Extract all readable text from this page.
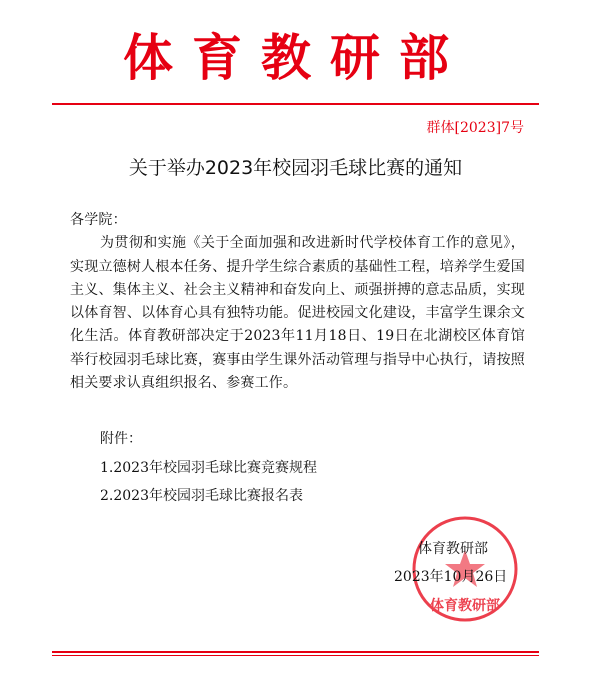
体育教研部
群体[2023]7号
关于举办2023年校园羽毛球比赛的通知

各学院：

为贯彻和实施《关于全面加强和改进新时代学校体育工作的意见》，实现立德树人根本任务、提升学生综合素质的基础性工程，培养学生爱国主义、集体主义、社会主义精神和奋发向上、顽强拼搏的意志品质，实现以体育智、以体育心具有独特功能。促进校园文化建设，丰富学生课余文化生活。体育教研部决定于2023年11月18日、19日在北湖校区体育馆举行校园羽毛球比赛，赛事由学生课外活动管理与指导中心执行，请按照相关要求认真组织报名、参赛工作。

附件：
1.2023年校园羽毛球比赛竞赛规程
2.2023年校园羽毛球比赛报名表
体育教研部
体育教研部
2023年10月26日
